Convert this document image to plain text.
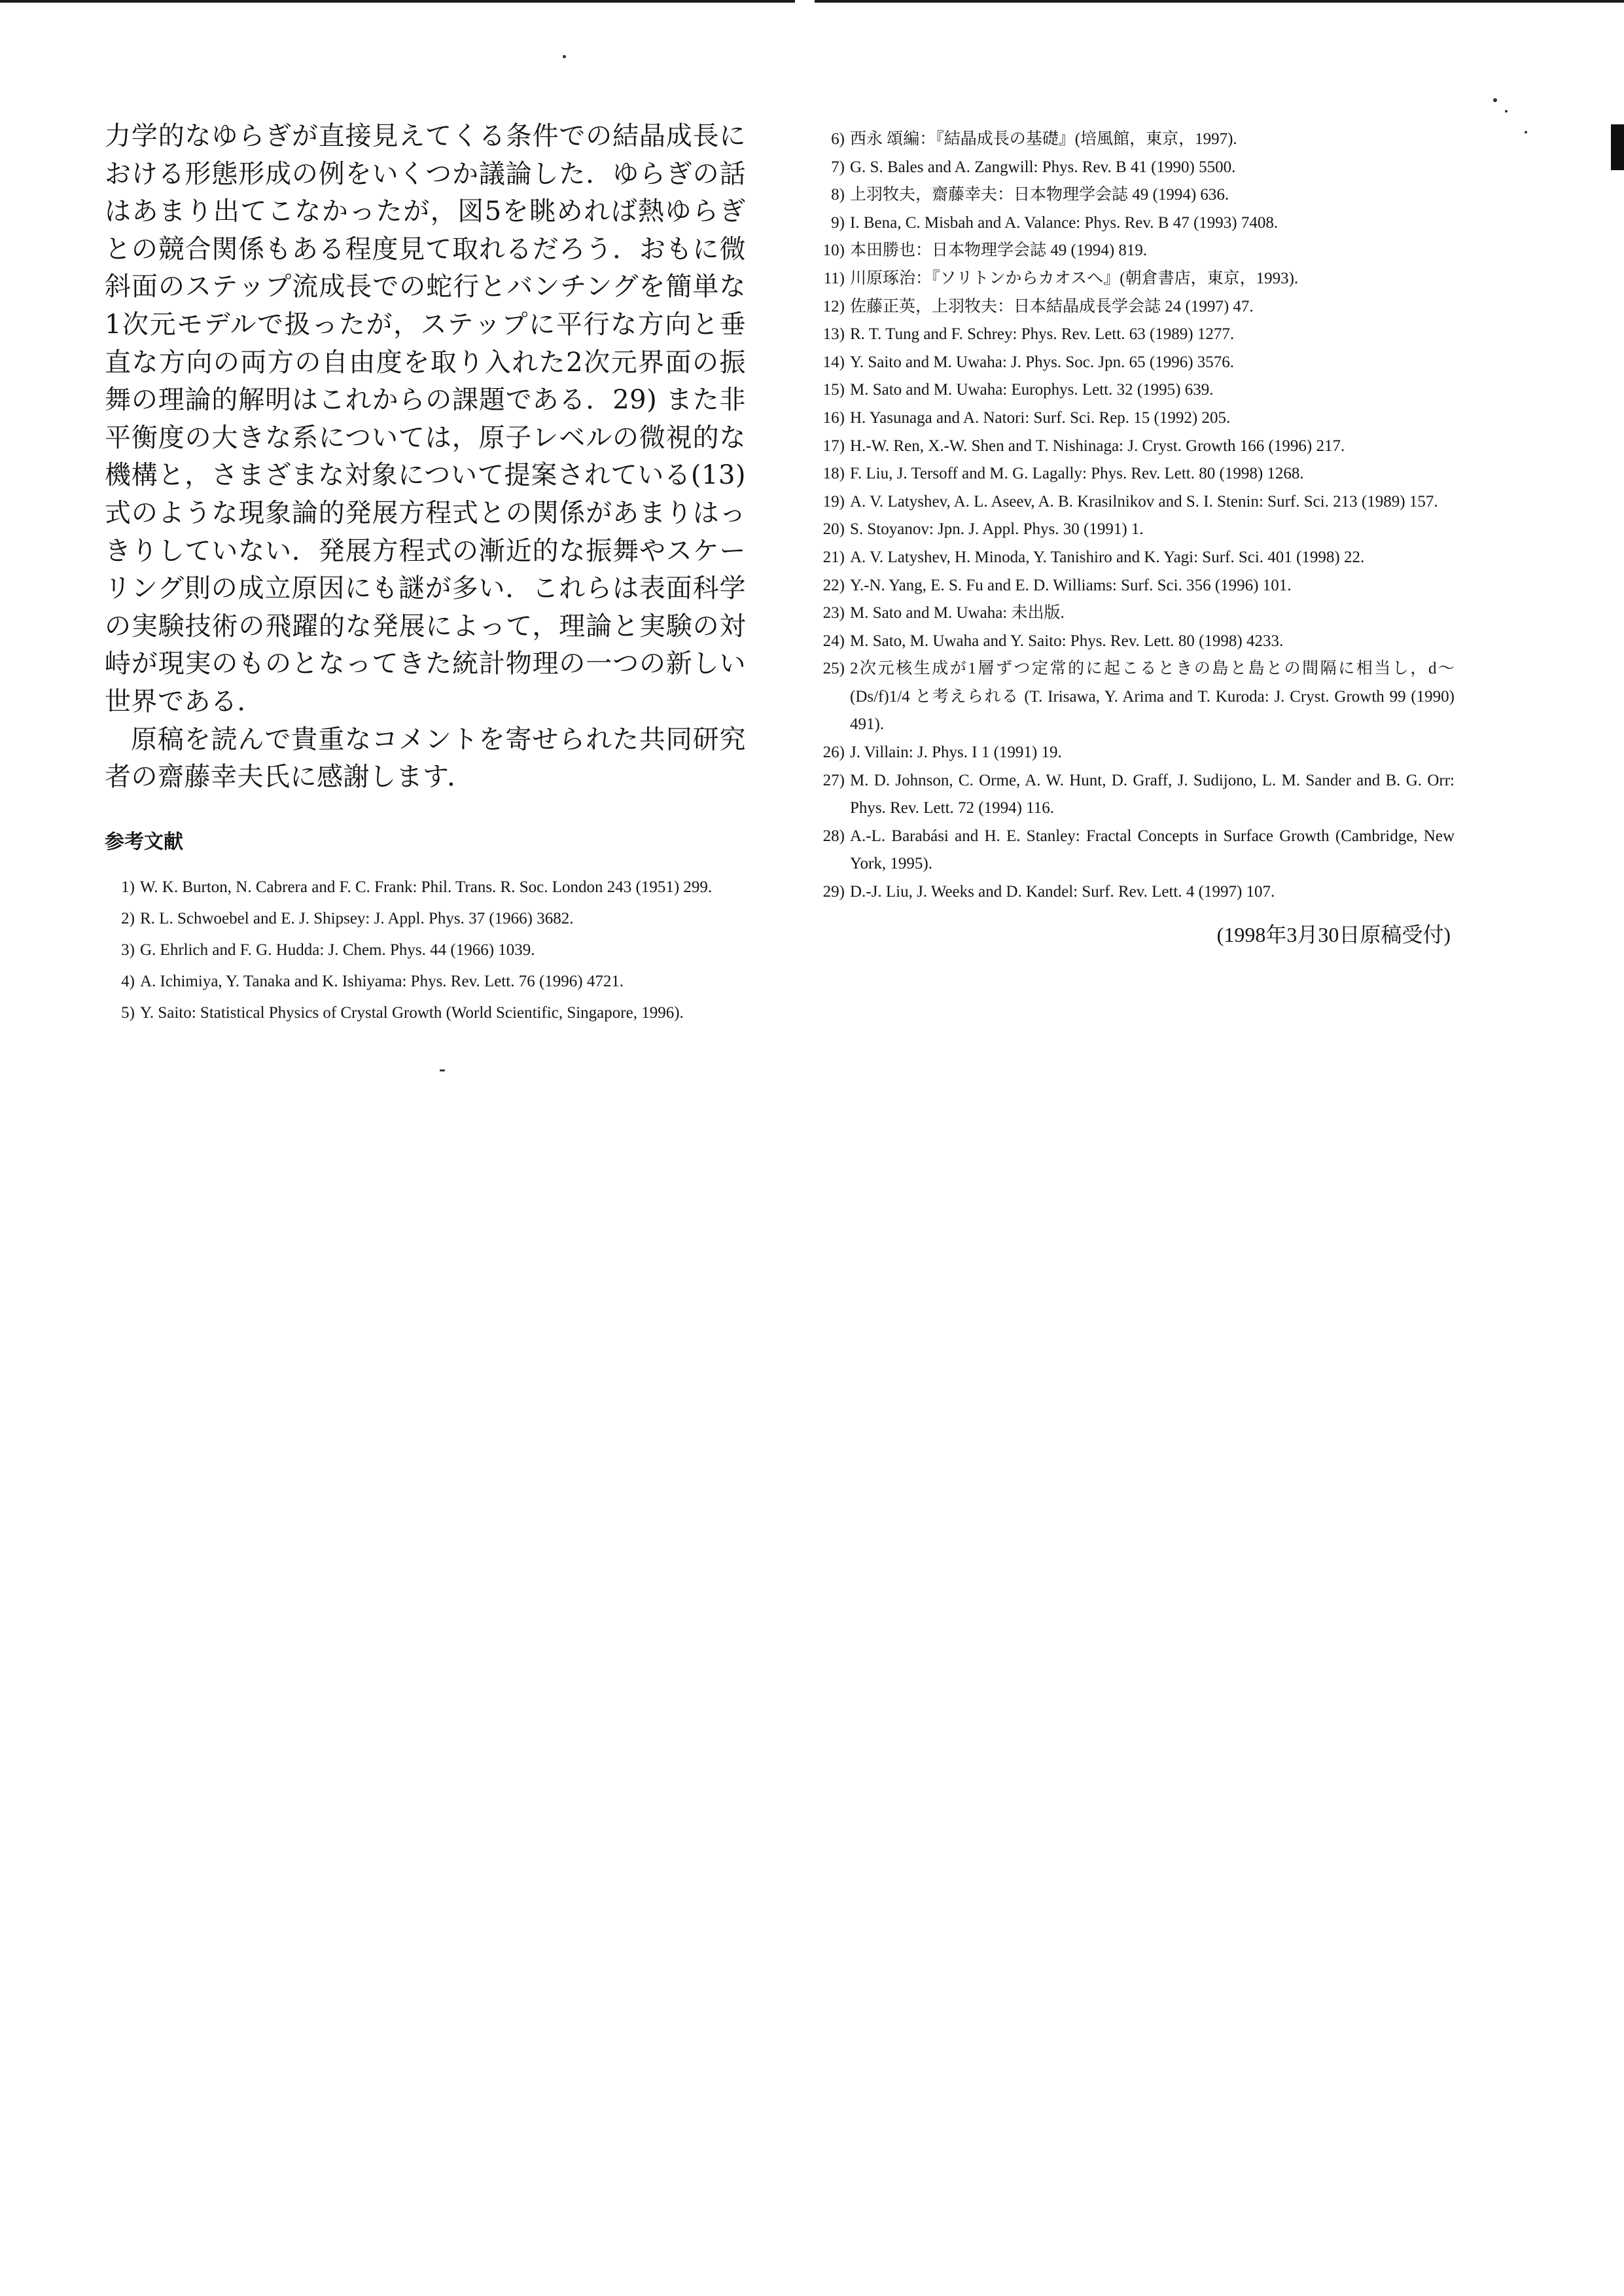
力学的なゆらぎが直接見えてくる条件での結晶成長における形態形成の例をいくつか議論した．ゆらぎの話はあまり出てこなかったが，図5を眺めれば熱ゆらぎとの競合関係もある程度見て取れるだろう．おもに微斜面のステップ流成長での蛇行とバンチングを簡単な1次元モデルで扱ったが，ステップに平行な方向と垂直な方向の両方の自由度を取り入れた2次元界面の振舞の理論的解明はこれからの課題である．29) また非平衡度の大きな系については，原子レベルの微視的な機構と，さまざまな対象について提案されている(13)式のような現象論的発展方程式との関係があまりはっきりしていない．発展方程式の漸近的な振舞やスケーリング則の成立原因にも謎が多い．これらは表面科学の実験技術の飛躍的な発展によって，理論と実験の対峙が現実のものとなってきた統計物理の一つの新しい世界である．

原稿を読んで貴重なコメントを寄せられた共同研究者の齋藤幸夫氏に感謝します．

参考文献
1) W. K. Burton, N. Cabrera and F. C. Frank: Phil. Trans. R. Soc. London 243 (1951) 299.
2) R. L. Schwoebel and E. J. Shipsey: J. Appl. Phys. 37 (1966) 3682.
3) G. Ehrlich and F. G. Hudda: J. Chem. Phys. 44 (1966) 1039.
4) A. Ichimiya, Y. Tanaka and K. Ishiyama: Phys. Rev. Lett. 76 (1996) 4721.
5) Y. Saito: Statistical Physics of Crystal Growth (World Scientific, Singapore, 1996).
6) 西永 頌編：『結晶成長の基礎』(培風館，東京，1997).
7) G. S. Bales and A. Zangwill: Phys. Rev. B 41 (1990) 5500.
8) 上羽牧夫，齋藤幸夫：日本物理学会誌 49 (1994) 636.
9) I. Bena, C. Misbah and A. Valance: Phys. Rev. B 47 (1993) 7408.
10) 本田勝也：日本物理学会誌 49 (1994) 819.
11) 川原琢治：『ソリトンからカオスへ』(朝倉書店，東京，1993).
12) 佐藤正英，上羽牧夫：日本結晶成長学会誌 24 (1997) 47.
13) R. T. Tung and F. Schrey: Phys. Rev. Lett. 63 (1989) 1277.
14) Y. Saito and M. Uwaha: J. Phys. Soc. Jpn. 65 (1996) 3576.
15) M. Sato and M. Uwaha: Europhys. Lett. 32 (1995) 639.
16) H. Yasunaga and A. Natori: Surf. Sci. Rep. 15 (1992) 205.
17) H.-W. Ren, X.-W. Shen and T. Nishinaga: J. Cryst. Growth 166 (1996) 217.
18) F. Liu, J. Tersoff and M. G. Lagally: Phys. Rev. Lett. 80 (1998) 1268.
19) A. V. Latyshev, A. L. Aseev, A. B. Krasilnikov and S. I. Stenin: Surf. Sci. 213 (1989) 157.
20) S. Stoyanov: Jpn. J. Appl. Phys. 30 (1991) 1.
21) A. V. Latyshev, H. Minoda, Y. Tanishiro and K. Yagi: Surf. Sci. 401 (1998) 22.
22) Y.-N. Yang, E. S. Fu and E. D. Williams: Surf. Sci. 356 (1996) 101.
23) M. Sato and M. Uwaha: 未出版.
24) M. Sato, M. Uwaha and Y. Saito: Phys. Rev. Lett. 80 (1998) 4233.
25) 2次元核生成が1層ずつ定常的に起こるときの島と島との間隔に相当し，d〜(Ds/f)1/4 と考えられる (T. Irisawa, Y. Arima and T. Kuroda: J. Cryst. Growth 99 (1990) 491).
26) J. Villain: J. Phys. I 1 (1991) 19.
27) M. D. Johnson, C. Orme, A. W. Hunt, D. Graff, J. Sudijono, L. M. Sander and B. G. Orr: Phys. Rev. Lett. 72 (1994) 116.
28) A.-L. Barabási and H. E. Stanley: Fractal Concepts in Surface Growth (Cambridge, New York, 1995).
29) D.-J. Liu, J. Weeks and D. Kandel: Surf. Rev. Lett. 4 (1997) 107.
(1998年3月30日原稿受付)
